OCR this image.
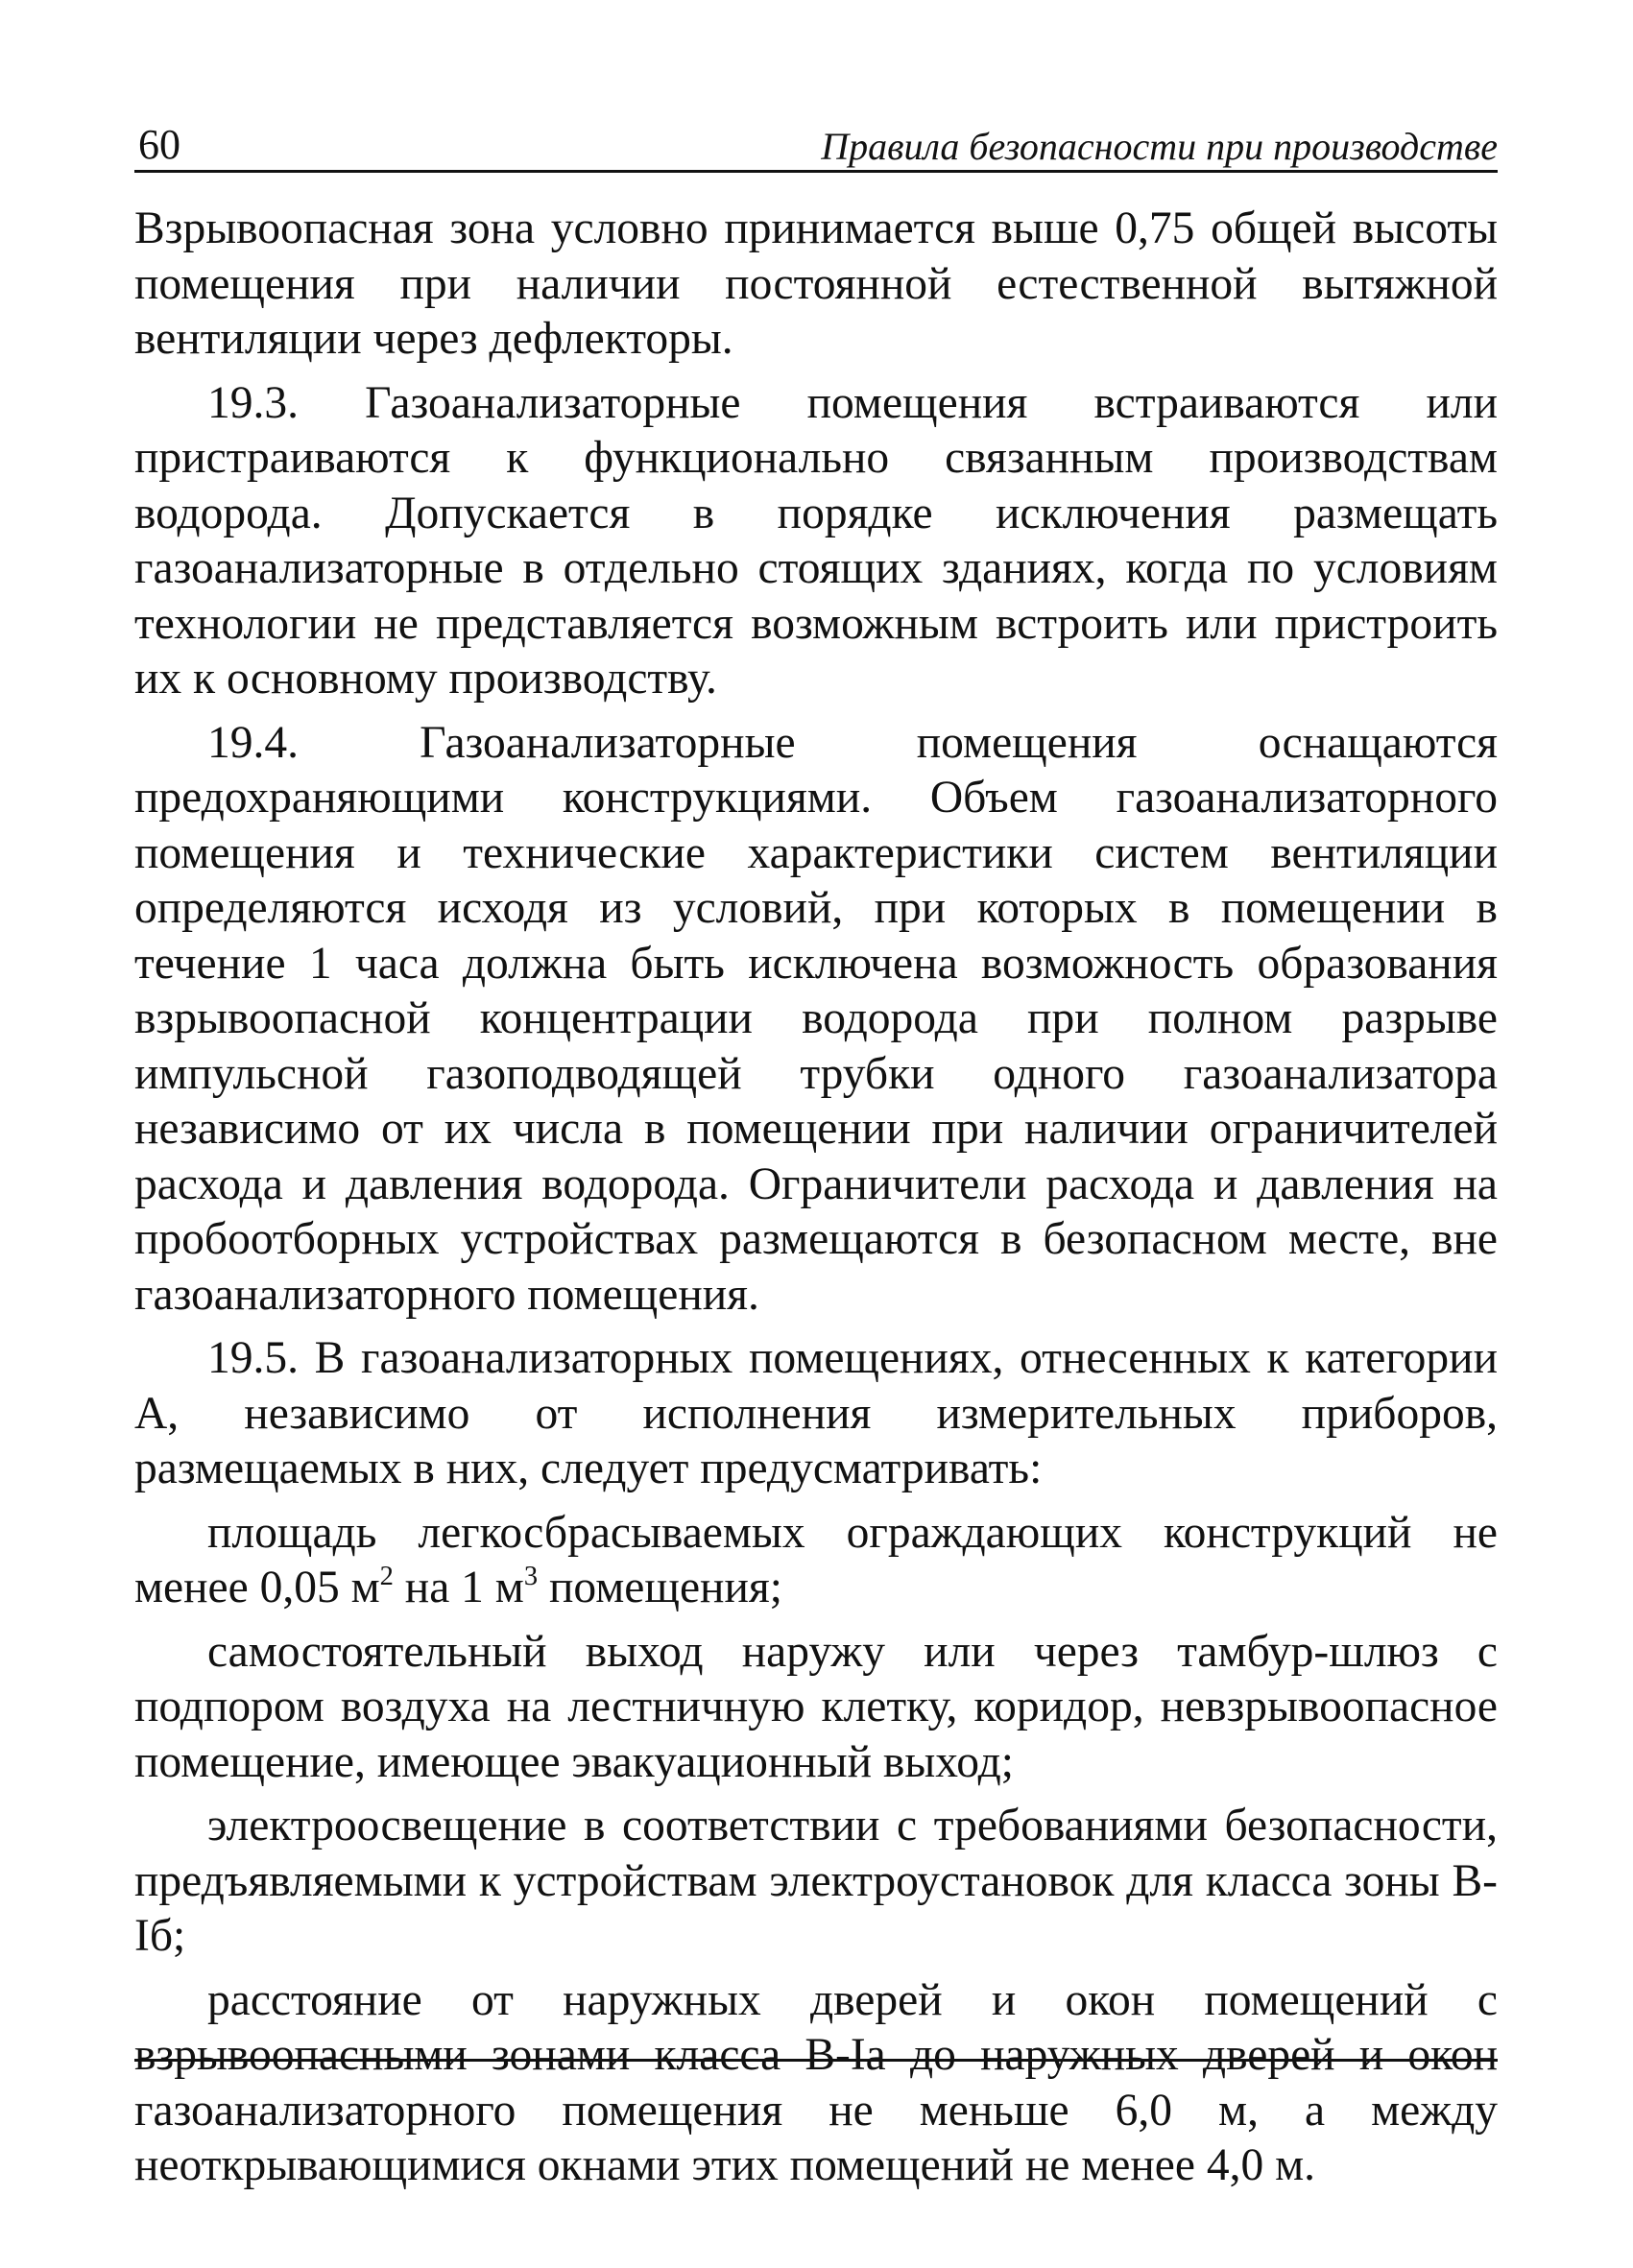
60	Правила безопасности при производстве

Взрывоопасная зона условно принимается выше 0,75 общей высоты помещения при наличии постоянной естественной вытяжной вентиляции через дефлекторы.

19.3. Газоанализаторные помещения встраиваются или пристраиваются к функционально связанным производствам водорода. Допускается в порядке исключения размещать газоанализаторные в отдельно стоящих зданиях, когда по условиям технологии не представляется возможным встроить или пристроить их к основному производству.

19.4. Газоанализаторные помещения оснащаются предохраняющими конструкциями. Объем газоанализаторного помещения и технические характеристики систем вентиляции определяются исходя из условий, при которых в помещении в течение 1 часа должна быть исключена возможность образования взрывоопасной концентрации водорода при полном разрыве импульсной газоподводящей трубки одного газоанализатора независимо от их числа в помещении при наличии ограничителей расхода и давления водорода. Ограничители расхода и давления на пробоотборных устройствах размещаются в безопасном месте, вне газоанализаторного помещения.

19.5. В газоанализаторных помещениях, отнесенных к категории А, независимо от исполнения измерительных приборов, размещаемых в них, следует предусматривать:

площадь легкосбрасываемых ограждающих конструкций не менее 0,05 $м^2$ на 1 $м^3$ помещения;

самостоятельный выход наружу или через тамбур-шлюз с подпором воздуха на лестничную клетку, коридор, невзрывоопасное помещение, имеющее эвакуационный выход;

электроосвещение в соответствии с требованиями безопасности, предъявляемыми к устройствам электроустановок для класса зоны В-Iб;

расстояние от наружных дверей и окон помещений с взрывоопасными зонами класса В-Iа до наружных дверей и окон газоанализаторного помещения не меньше 6,0 м, а между неоткрывающимися окнами этих помещений не менее 4,0 м.
